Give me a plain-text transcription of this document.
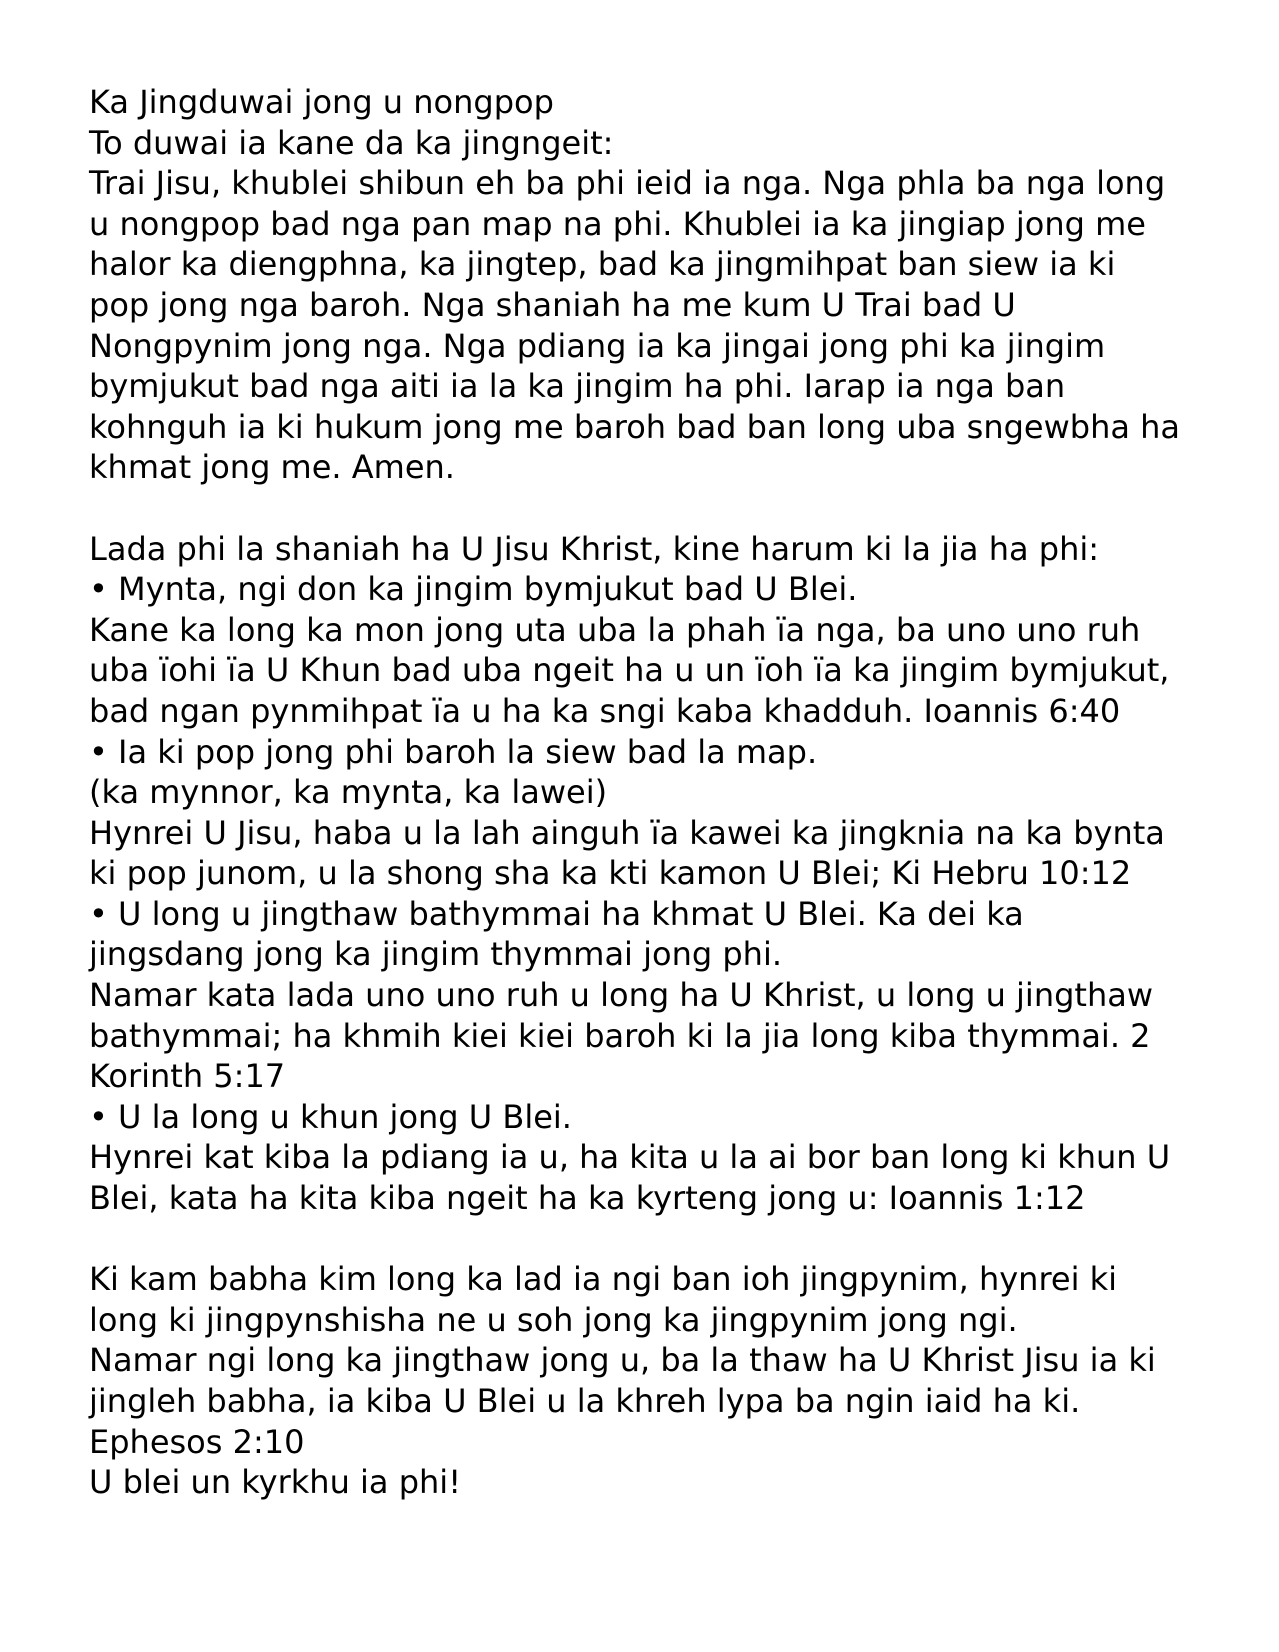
Ka Jingduwai jong u nongpop
To duwai ia kane da ka jingngeit:
Trai Jisu, khublei shibun eh ba phi ieid ia nga. Nga phla ba nga long
u nongpop bad nga pan map na phi. Khublei ia ka jingiap jong me
halor ka diengphna, ka jingtep, bad ka jingmihpat ban siew ia ki
pop jong nga baroh. Nga shaniah ha me kum U Trai bad U
Nongpynim jong nga. Nga pdiang ia ka jingai jong phi ka jingim
bymjukut bad nga aiti ia la ka jingim ha phi. Iarap ia nga ban
kohnguh ia ki hukum jong me baroh bad ban long uba sngewbha ha
khmat jong me. Amen.
Lada phi la shaniah ha U Jisu Khrist, kine harum ki la jia ha phi:
• Mynta, ngi don ka jingim bymjukut bad U Blei.
Kane ka long ka mon jong uta uba la phah ïa nga, ba uno uno ruh
uba ïohi ïa U Khun bad uba ngeit ha u un ïoh ïa ka jingim bymjukut,
bad ngan pynmihpat ïa u ha ka sngi kaba khadduh. Ioannis 6:40
• Ia ki pop jong phi baroh la siew bad la map.
(ka mynnor, ka mynta, ka lawei)
Hynrei U Jisu, haba u la lah ainguh ïa kawei ka jingknia na ka bynta
ki pop junom, u la shong sha ka kti kamon U Blei; Ki Hebru 10:12
• U long u jingthaw bathymmai ha khmat U Blei. Ka dei ka
jingsdang jong ka jingim thymmai jong phi.
Namar kata lada uno uno ruh u long ha U Khrist, u long u jingthaw
bathymmai; ha khmih kiei kiei baroh ki la jia long kiba thymmai. 2
Korinth 5:17
• U la long u khun jong U Blei.
Hynrei kat kiba la pdiang ia u, ha kita u la ai bor ban long ki khun U
Blei, kata ha kita kiba ngeit ha ka kyrteng jong u: Ioannis 1:12
Ki kam babha kim long ka lad ia ngi ban ioh jingpynim, hynrei ki
long ki jingpynshisha ne u soh jong ka jingpynim jong ngi.
Namar ngi long ka jingthaw jong u, ba la thaw ha U Khrist Jisu ia ki
jingleh babha, ia kiba U Blei u la khreh lypa ba ngin iaid ha ki.
Ephesos 2:10
U blei un kyrkhu ia phi!
